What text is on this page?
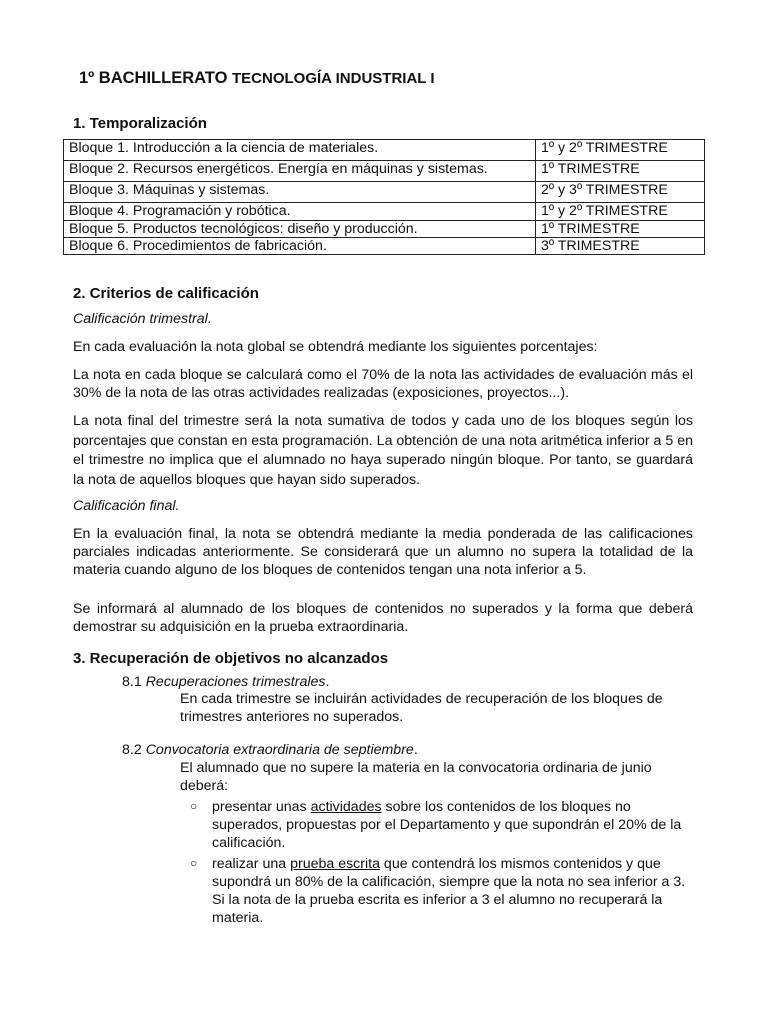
1º BACHILLERATO TECNOLOGÍA INDUSTRIAL I

1. Temporalización
Bloque 1. Introducción a la ciencia de materiales.	1º y 2º TRIMESTRE
Bloque 2. Recursos energéticos. Energía en máquinas y sistemas.	1º TRIMESTRE
Bloque 3. Máquinas y sistemas.	2º y 3º TRIMESTRE
Bloque 4. Programación y robótica.	1º y 2º TRIMESTRE
Bloque 5. Productos tecnológicos: diseño y producción.	1º TRIMESTRE
Bloque 6. Procedimientos de fabricación.	3º TRIMESTRE
2. Criterios de calificación

Calificación trimestral.

En cada evaluación la nota global se obtendrá mediante los siguientes porcentajes:

La nota en cada bloque se calculará como el 70% de la nota las actividades de evaluación más el 30% de la nota de las otras actividades realizadas (exposiciones, proyectos...).

La nota final del trimestre será la nota sumativa de todos y cada uno de los bloques según los porcentajes que constan en esta programación. La obtención de una nota aritmética inferior a 5 en el trimestre no implica que el alumnado no haya superado ningún bloque. Por tanto, se guardará la nota de aquellos bloques que hayan sido superados.

Calificación final.

En la evaluación final, la nota se obtendrá mediante la media ponderada de las calificaciones parciales indicadas anteriormente. Se considerará que un alumno no supera la totalidad de la materia cuando alguno de los bloques de contenidos tengan una nota inferior a 5.

Se informará al alumnado de los bloques de contenidos no superados y la forma que deberá demostrar su adquisición en la prueba extraordinaria.

3. Recuperación de objetivos no alcanzados

8.1 Recuperaciones trimestrales.

En cada trimestre se incluirán actividades de recuperación de los bloques de trimestres anteriores no superados.

8.2 Convocatoria extraordinaria de septiembre.

El alumnado que no supere la materia en la convocatoria ordinaria de junio deberá:

○ presentar unas actividades sobre los contenidos de los bloques no superados, propuestas por el Departamento y que supondrán el 20% de la calificación.

○ realizar una prueba escrita que contendrá los mismos contenidos y que supondrá un 80% de la calificación, siempre que la nota no sea inferior a 3. Si la nota de la prueba escrita es inferior a 3 el alumno no recuperará la materia.
